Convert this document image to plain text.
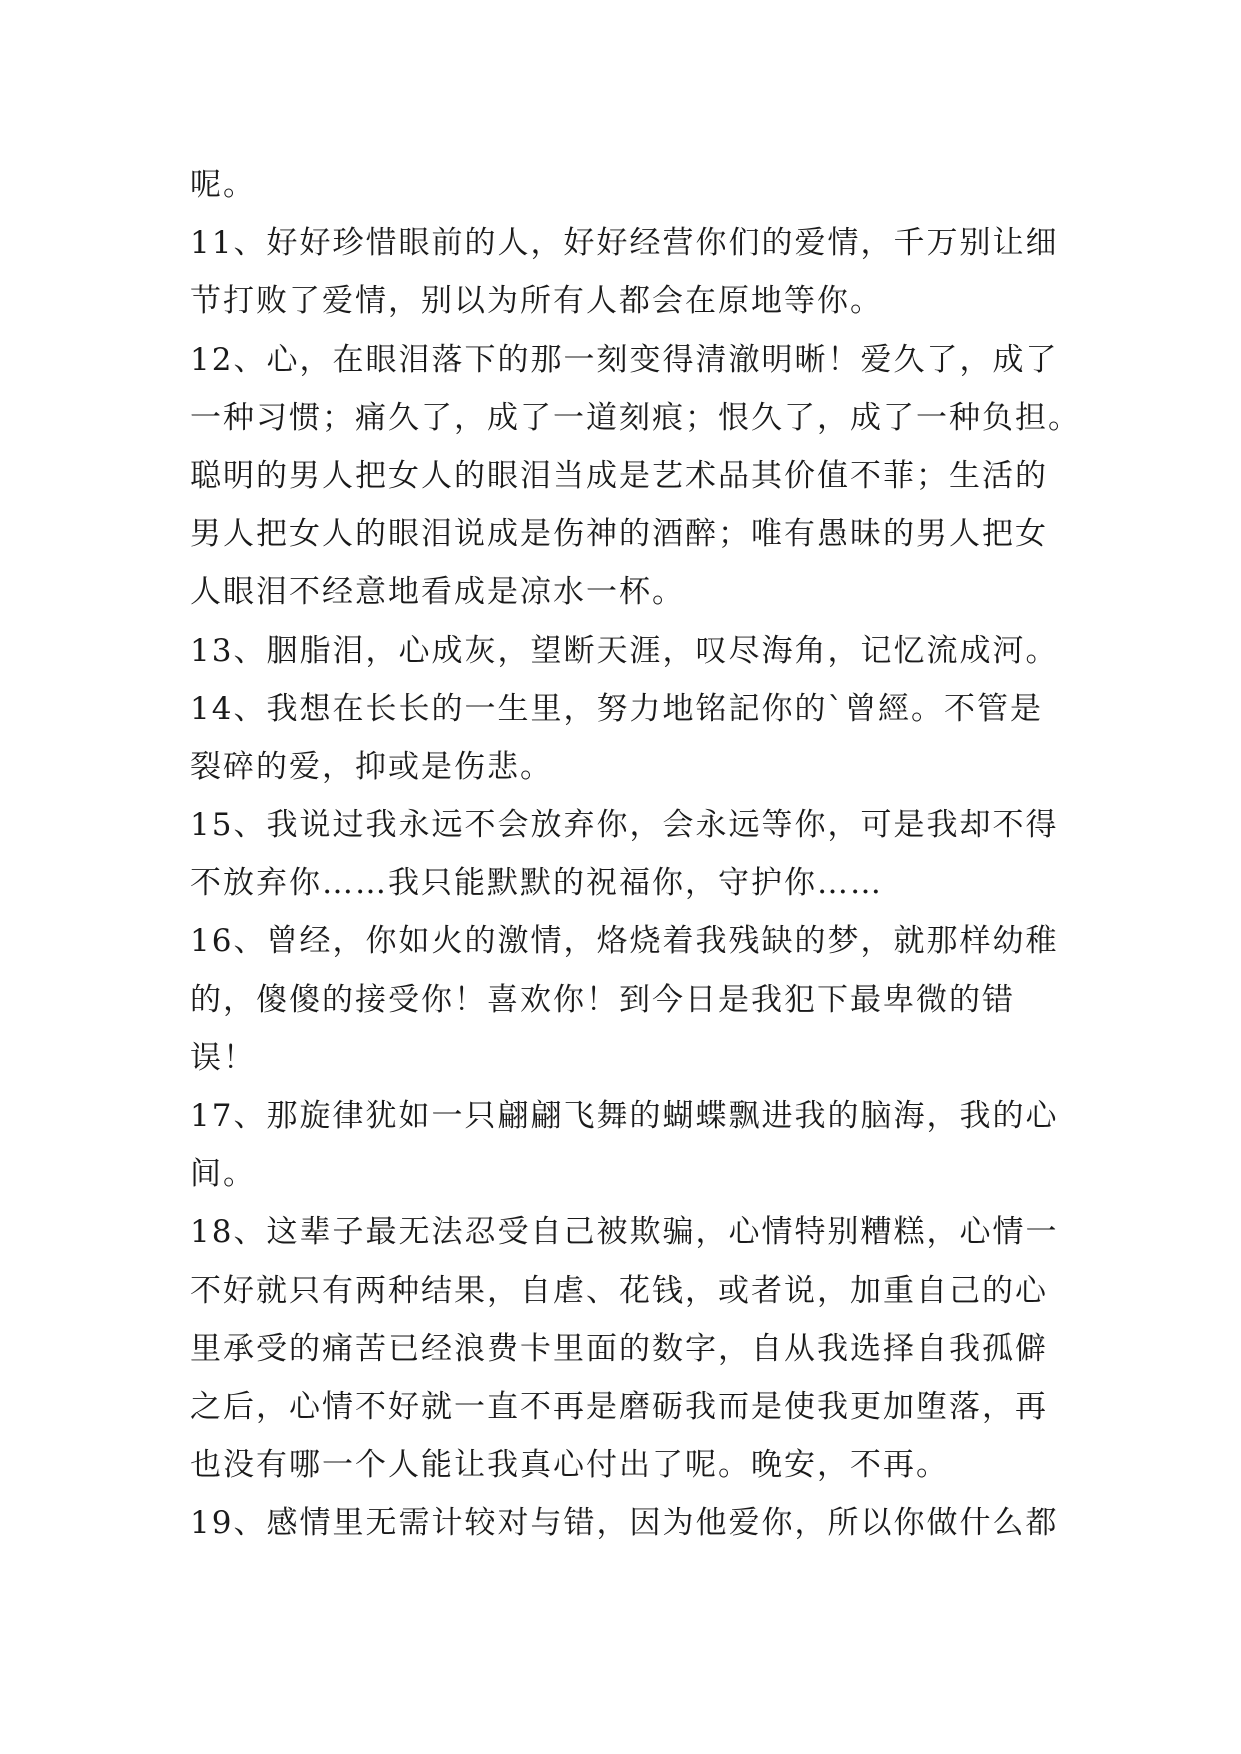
呢。
11、好好珍惜眼前的人，好好经营你们的爱情，千万别让细
节打败了爱情，别以为所有人都会在原地等你。
12、心，在眼泪落下的那一刻变得清澈明晰！爱久了，成了
一种习惯；痛久了，成了一道刻痕；恨久了，成了一种负担。
聪明的男人把女人的眼泪当成是艺术品其价值不菲；生活的
男人把女人的眼泪说成是伤神的酒醉；唯有愚昧的男人把女
人眼泪不经意地看成是凉水一杯。
13、胭脂泪，心成灰，望断天涯，叹尽海角，记忆流成河。
14、我想在长长的一生里，努力地铭記你的`曾經。不管是
裂碎的爱，抑或是伤悲。
15、我说过我永远不会放弃你，会永远等你，可是我却不得
不放弃你……我只能默默的祝福你，守护你……
16、曾经，你如火的激情，烙烧着我残缺的梦，就那样幼稚
的，傻傻的接受你！喜欢你！到今日是我犯下最卑微的错
误！
17、那旋律犹如一只翩翩飞舞的蝴蝶飘进我的脑海，我的心
间。
18、这辈子最无法忍受自己被欺骗，心情特别糟糕，心情一
不好就只有两种结果，自虐、花钱，或者说，加重自己的心
里承受的痛苦已经浪费卡里面的数字，自从我选择自我孤僻
之后，心情不好就一直不再是磨砺我而是使我更加堕落，再
也没有哪一个人能让我真心付出了呢。晚安，不再。
19、感情里无需计较对与错，因为他爱你，所以你做什么都
